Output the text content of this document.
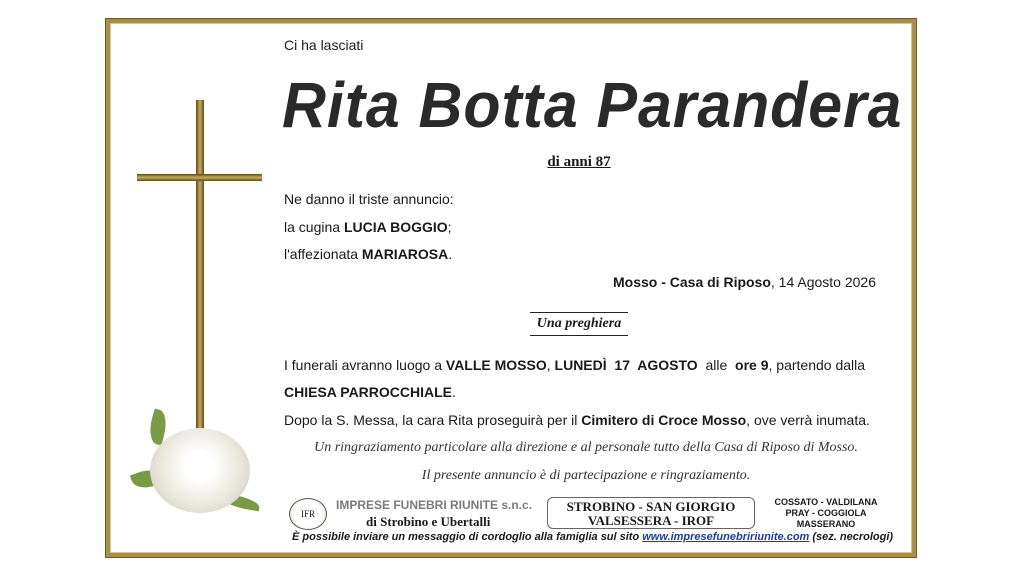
Ci ha lasciati
Rita Botta Parandera
di anni 87
Ne danno il triste annuncio:
la cugina LUCIA BOGGIO;
l'affezionata MARIAROSA.
Mosso - Casa di Riposo, 14 Agosto 2026
Una preghiera
I funerali avranno luogo a VALLE MOSSO, LUNEDÌ  17  AGOSTO  alle  ore 9, partendo dalla
CHIESA PARROCCHIALE.
Dopo la S. Messa, la cara Rita proseguirà per il Cimitero di Croce Mosso, ove verrà inumata.
Un ringraziamento particolare alla direzione e al personale tutto della Casa di Riposo di Mosso.
Il presente annuncio è di partecipazione e ringraziamento.
IFR
IMPRESE FUNEBRI RIUNITE s.n.c.
di Strobino e Ubertalli
STROBINO - SAN GIORGIO
VALSESSERA - IROF
COSSATO - VALDILANA
PRAY - COGGIOLA
MASSERANO
È possibile inviare un messaggio di cordoglio alla famiglia sul sito www.impresefunebririunite.com (sez. necrologi)
